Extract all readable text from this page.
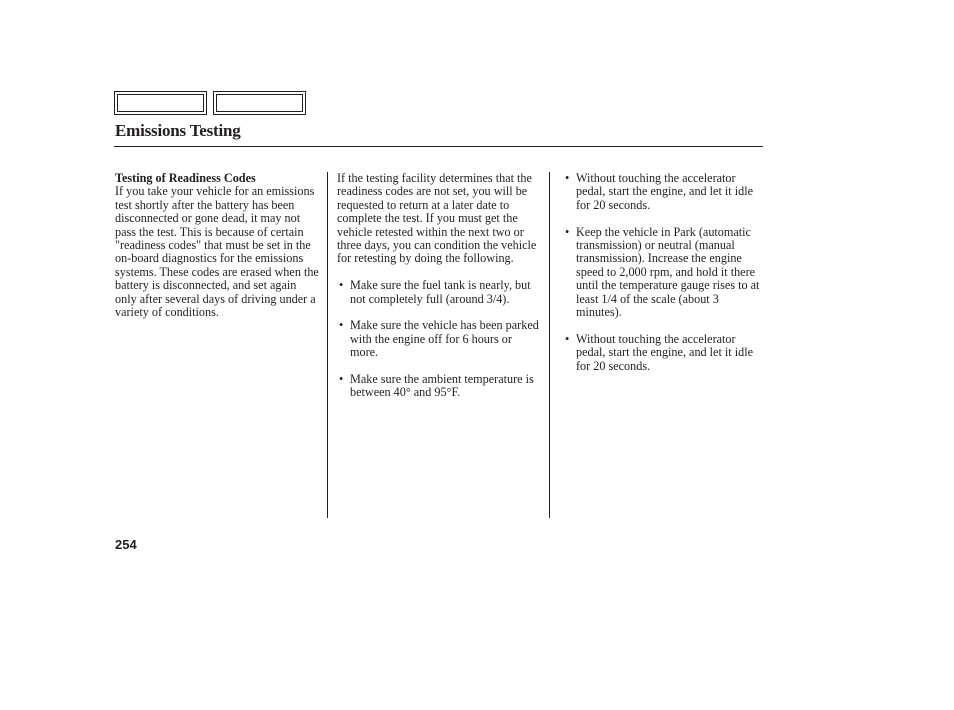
Emissions Testing
Testing of Readiness Codes

If you take your vehicle for an emissions test shortly after the battery has been disconnected or gone dead, it may not pass the test. This is because of certain "readiness codes" that must be set in the on-board diagnostics for the emissions systems. These codes are erased when the battery is disconnected, and set again only after several days of driving under a variety of conditions.

If the testing facility determines that the readiness codes are not set, you will be requested to return at a later date to complete the test. If you must get the vehicle retested within the next two or three days, you can condition the vehicle for retesting by doing the following.

• Make sure the fuel tank is nearly, but not completely full (around 3/4).
• Make sure the vehicle has been parked with the engine off for 6 hours or more.
• Make sure the ambient temperature is between 40° and 95°F.
• Without touching the accelerator pedal, start the engine, and let it idle for 20 seconds.
• Keep the vehicle in Park (automatic transmission) or neutral (manual transmission). Increase the engine speed to 2,000 rpm, and hold it there until the temperature gauge rises to at least 1/4 of the scale (about 3 minutes).
• Without touching the accelerator pedal, start the engine, and let it idle for 20 seconds.
254
